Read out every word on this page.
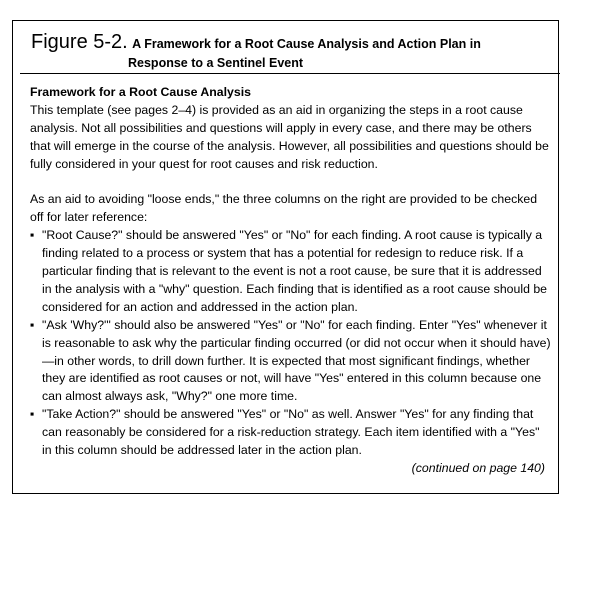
Figure 5-2. A Framework for a Root Cause Analysis and Action Plan in
Response to a Sentinel Event

Framework for a Root Cause Analysis

This template (see pages 2–4) is provided as an aid in organizing the steps in a root cause analysis. Not all possibilities and questions will apply in every case, and there may be others that will emerge in the course of the analysis. However, all possibilities and questions should be fully considered in your quest for root causes and risk reduction.

As an aid to avoiding "loose ends," the three columns on the right are provided to be checked off for later reference:

▪ "Root Cause?" should be answered "Yes" or "No" for each finding. A root cause is typically a finding related to a process or system that has a potential for redesign to reduce risk. If a particular finding that is relevant to the event is not a root cause, be sure that it is addressed in the analysis with a "why" question. Each finding that is identified as a root cause should be considered for an action and addressed in the action plan.
▪ "Ask 'Why?'" should also be answered "Yes" or "No" for each finding. Enter "Yes" whenever it is reasonable to ask why the particular finding occurred (or did not occur when it should have)—in other words, to drill down further. It is expected that most significant findings, whether they are identified as root causes or not, will have "Yes" entered in this column because one can almost always ask, "Why?" one more time.
▪ "Take Action?" should be answered "Yes" or "No" as well. Answer "Yes" for any finding that can reasonably be considered for a risk-reduction strategy. Each item identified with a "Yes" in this column should be addressed later in the action plan.
(continued on page 140)
